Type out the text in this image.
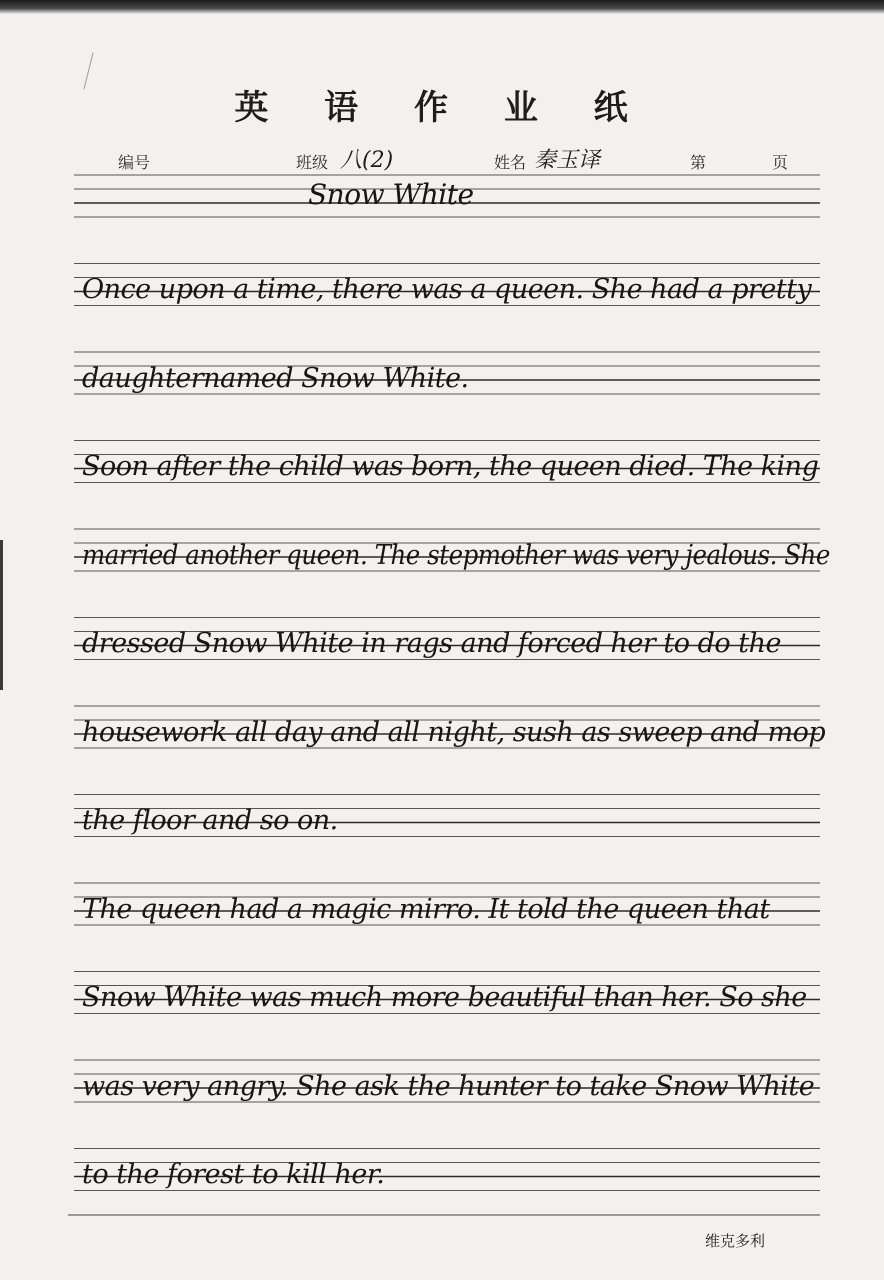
英 语 作 业 纸
编号	班级 八(2)	姓名 秦玉译	第	页
Snow White
Once upon a time, there was a queen. She had a pretty
daughternamed Snow White.
Soon after the child was born, the queen died. The king
married another queen. The stepmother was very jealous. She
dressed Snow White in rags and forced her to do the
housework all day and all night, sush as sweep and mop
the floor and so on.
The queen had a magic mirro. It told the queen that
Snow White was much more beautiful than her. So she
was very angry. She ask the hunter to take Snow White
to the forest to kill her.
维克多利
